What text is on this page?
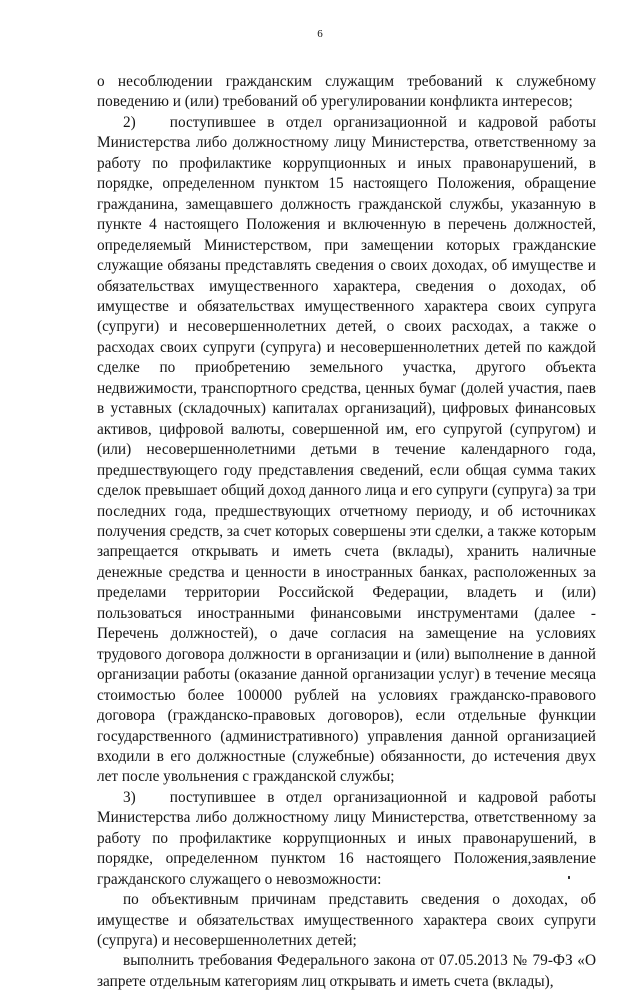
6

о несоблюдении гражданским служащим требований к служебному поведению и (или) требований об урегулировании конфликта интересов;

2)   поступившее в отдел организационной и кадровой работы Министерства либо должностному лицу Министерства, ответственному за работу по профилактике коррупционных и иных правонарушений, в порядке, определенном пунктом 15 настоящего Положения, обращение гражданина, замещавшего должность гражданской службы, указанную в пункте 4 настоящего Положения и включенную в перечень должностей, определяемый Министерством, при замещении которых гражданские служащие обязаны представлять сведения о своих доходах, об имуществе и обязательствах имущественного характера, сведения о доходах, об имуществе и обязательствах имущественного характера своих супруга (супруги) и несовершеннолетних детей, о своих расходах, а также о расходах своих супруги (супруга) и несовершеннолетних детей по каждой сделке по приобретению земельного участка, другого объекта недвижимости, транспортного средства, ценных бумаг (долей участия, паев в уставных (складочных) капиталах организаций), цифровых финансовых активов, цифровой валюты, совершенной им, его супругой (супругом) и (или) несовершеннолетними детьми в течение календарного года, предшествующего году представления сведений, если общая сумма таких сделок превышает общий доход данного лица и его супруги (супруга) за три последних года, предшествующих отчетному периоду, и об источниках получения средств, за счет которых совершены эти сделки, а также которым запрещается открывать и иметь счета (вклады), хранить наличные денежные средства и ценности в иностранных банках, расположенных за пределами территории Российской Федерации, владеть и (или) пользоваться иностранными финансовыми инструментами (далее - Перечень должностей), о даче согласия на замещение на условиях трудового договора должности в организации и (или) выполнение в данной организации работы (оказание данной организации услуг) в течение месяца стоимостью более 100000 рублей на условиях гражданско-правового договора (гражданско-правовых договоров), если отдельные функции государственного (административного) управления данной организацией входили в его должностные (служебные) обязанности, до истечения двух лет после увольнения с гражданской службы;

3)   поступившее в отдел организационной и кадровой работы Министерства либо должностному лицу Министерства, ответственному за работу по профилактике коррупционных и иных правонарушений, в порядке, определенном пунктом 16 настоящего Положения,заявление гражданского служащего о невозможности:

по объективным причинам представить сведения о доходах, об имуществе и обязательствах имущественного характера своих супруги (супруга) и несовершеннолетних детей;

выполнить требования Федерального закона от 07.05.2013 № 79-ФЗ «О запрете отдельным категориям лиц открывать и иметь счета (вклады),
